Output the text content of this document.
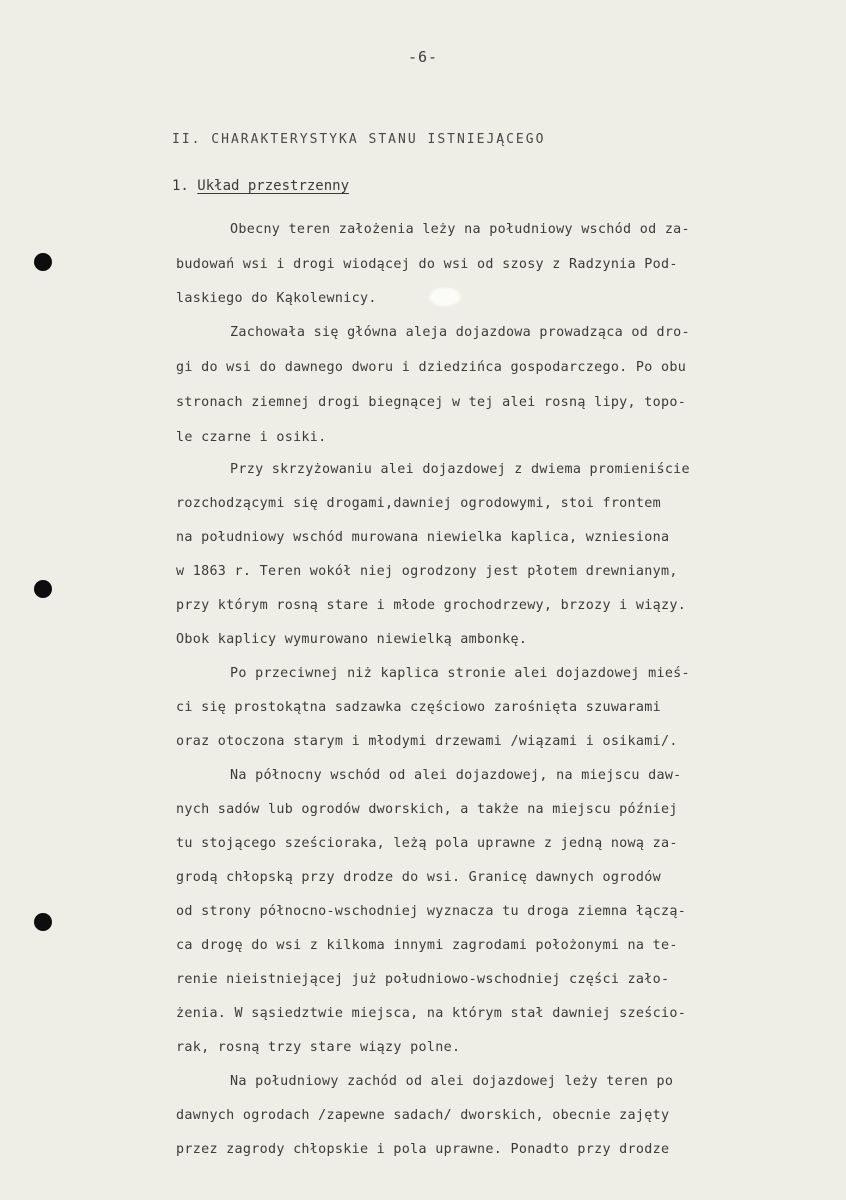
-6-
II. CHARAKTERYSTYKA STANU ISTNIEJĄCEGO
1. Układ przestrzenny
Obecny teren założenia leży na południowy wschód od za-
budowań wsi i drogi wiodącej do wsi od szosy z Radzynia Pod-
laskiego do Kąkolewnicy.
Zachowała się główna aleja dojazdowa prowadząca od dro-
gi do wsi do dawnego dworu i dziedzińca gospodarczego. Po obu
stronach ziemnej drogi biegnącej w tej alei rosną lipy, topo-
le czarne i osiki.
Przy skrzyżowaniu alei dojazdowej z dwiema promieniście
rozchodzącymi się drogami,dawniej ogrodowymi, stoi frontem
na południowy wschód murowana niewielka kaplica, wzniesiona
w 1863 r. Teren wokół niej ogrodzony jest płotem drewnianym,
przy którym rosną stare i młode grochodrzewy, brzozy i wiązy.
Obok kaplicy wymurowano niewielką ambonkę.
Po przeciwnej niż kaplica stronie alei dojazdowej mieś-
ci się prostokątna sadzawka częściowo zarośnięta szuwarami
oraz otoczona starym i młodymi drzewami /wiązami i osikami/.
Na północny wschód od alei dojazdowej, na miejscu daw-
nych sadów lub ogrodów dworskich, a także na miejscu później
tu stojącego sześcioraka, leżą pola uprawne z jedną nową za-
grodą chłopską przy drodze do wsi. Granicę dawnych ogrodów
od strony północno-wschodniej wyznacza tu droga ziemna łączą-
ca drogę do wsi z kilkoma innymi zagrodami położonymi na te-
renie nieistniejącej już południowo-wschodniej części zało-
żenia. W sąsiedztwie miejsca, na którym stał dawniej sześcio-
rak, rosną trzy stare wiązy polne.
Na południowy zachód od alei dojazdowej leży teren po
dawnych ogrodach /zapewne sadach/ dworskich, obecnie zajęty
przez zagrody chłopskie i pola uprawne. Ponadto przy drodze
